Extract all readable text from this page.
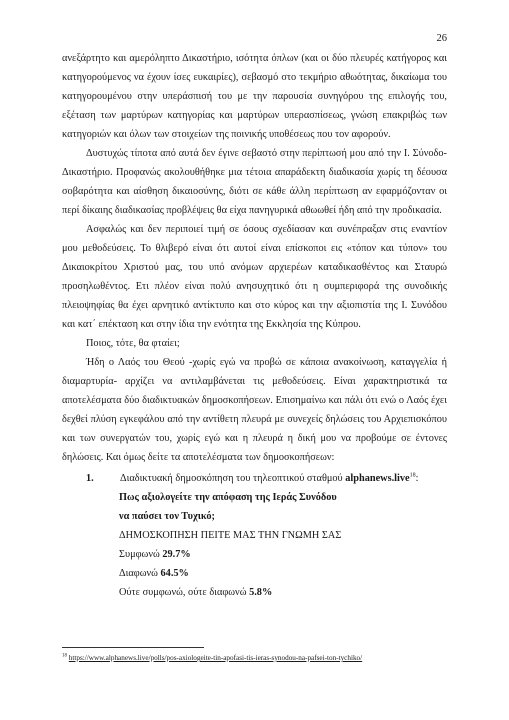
26

ανεξάρτητο και αμερόληπτο Δικαστήριο, ισότητα όπλων (και οι δύο πλευρές κατήγορος και κατηγορούμενος να έχουν ίσες ευκαιρίες), σεβασμό στο τεκμήριο αθωότητας, δικαίωμα του κατηγορουμένου στην υπεράσπισή του με την παρουσία συνηγόρου της επιλογής του, εξέταση των μαρτύρων κατηγορίας και μαρτύρων υπερασπίσεως, γνώση επακριβώς των κατηγοριών και όλων των στοιχείων της ποινικής υποθέσεως που τον αφορούν.

Δυστυχώς τίποτα από αυτά δεν έγινε σεβαστό στην περίπτωσή μου από την Ι. Σύνοδο-Δικαστήριο. Προφανώς ακολουθήθηκε μια τέτοια απαράδεκτη διαδικασία χωρίς τη δέουσα σοβαρότητα και αίσθηση δικαιοσύνης, διότι σε κάθε άλλη περίπτωση αν εφαρμόζονταν οι περί δίκαιης διαδικασίας προβλέψεις θα είχα πανηγυρικά αθωωθεί ήδη από την προδικασία.

Ασφαλώς και δεν περιποιεί τιμή σε όσους σχεδίασαν και συνέπραξαν στις εναντίον μου μεθοδεύσεις. Το θλιβερό είναι ότι αυτοί είναι επίσκοποι εις «τόπον και τύπον» του Δικαιοκρίτου Χριστού μας, του υπό ανόμων αρχιερέων καταδικασθέντος και Σταυρώ προσηλωθέντος. Ετι πλέον είναι πολύ ανησυχητικό ότι η συμπεριφορά της συνοδικής πλειοψηφίας θα έχει αρνητικό αντίκτυπο και στο κύρος και την αξιοπιστία της Ι. Συνόδου και κατ΄ επέκταση και στην ίδια την ενότητα της Εκκλησία της Κύπρου.

Ποιος, τότε, θα φταίει;

Ήδη ο Λαός του Θεού -χωρίς εγώ να προβώ σε κάποια ανακοίνωση, καταγγελία ή διαμαρτυρία- αρχίζει να αντιλαμβάνεται τις μεθοδεύσεις. Είναι χαρακτηριστικά τα αποτελέσματα δύο διαδικτυακών δημοσκοπήσεων. Επισημαίνω και πάλι ότι ενώ ο Λαός έχει δεχθεί πλύση εγκεφάλου από την αντίθετη πλευρά με συνεχείς δηλώσεις του Αρχιεπισκόπου και των συνεργατών του, χωρίς εγώ και η πλευρά η δική μου να προβούμε σε έντονες δηλώσεις. Και όμως δείτε τα αποτελέσματα των δημοσκοπήσεων:

1.	Διαδικτυακή δημοσκόπηση του τηλεοπτικού σταθμού alphanews.live$^{18}$:
Πως αξιολογείτε την απόφαση της Ιεράς Συνόδου
να παύσει τον Τυχικό;
ΔΗΜΟΣΚΟΠΗΣΗ ΠΕΙΤΕ ΜΑΣ ΤΗΝ ΓΝΩΜΗ ΣΑΣ
Συμφωνώ 29.7%
Διαφωνώ 64.5%
Ούτε συμφωνώ, ούτε διαφωνώ 5.8%
$^{18}$ https://www.alphanews.live/polls/pos-axiologeite-tin-apofasi-tis-ieras-synodou-na-pafsei-ton-tychiko/
